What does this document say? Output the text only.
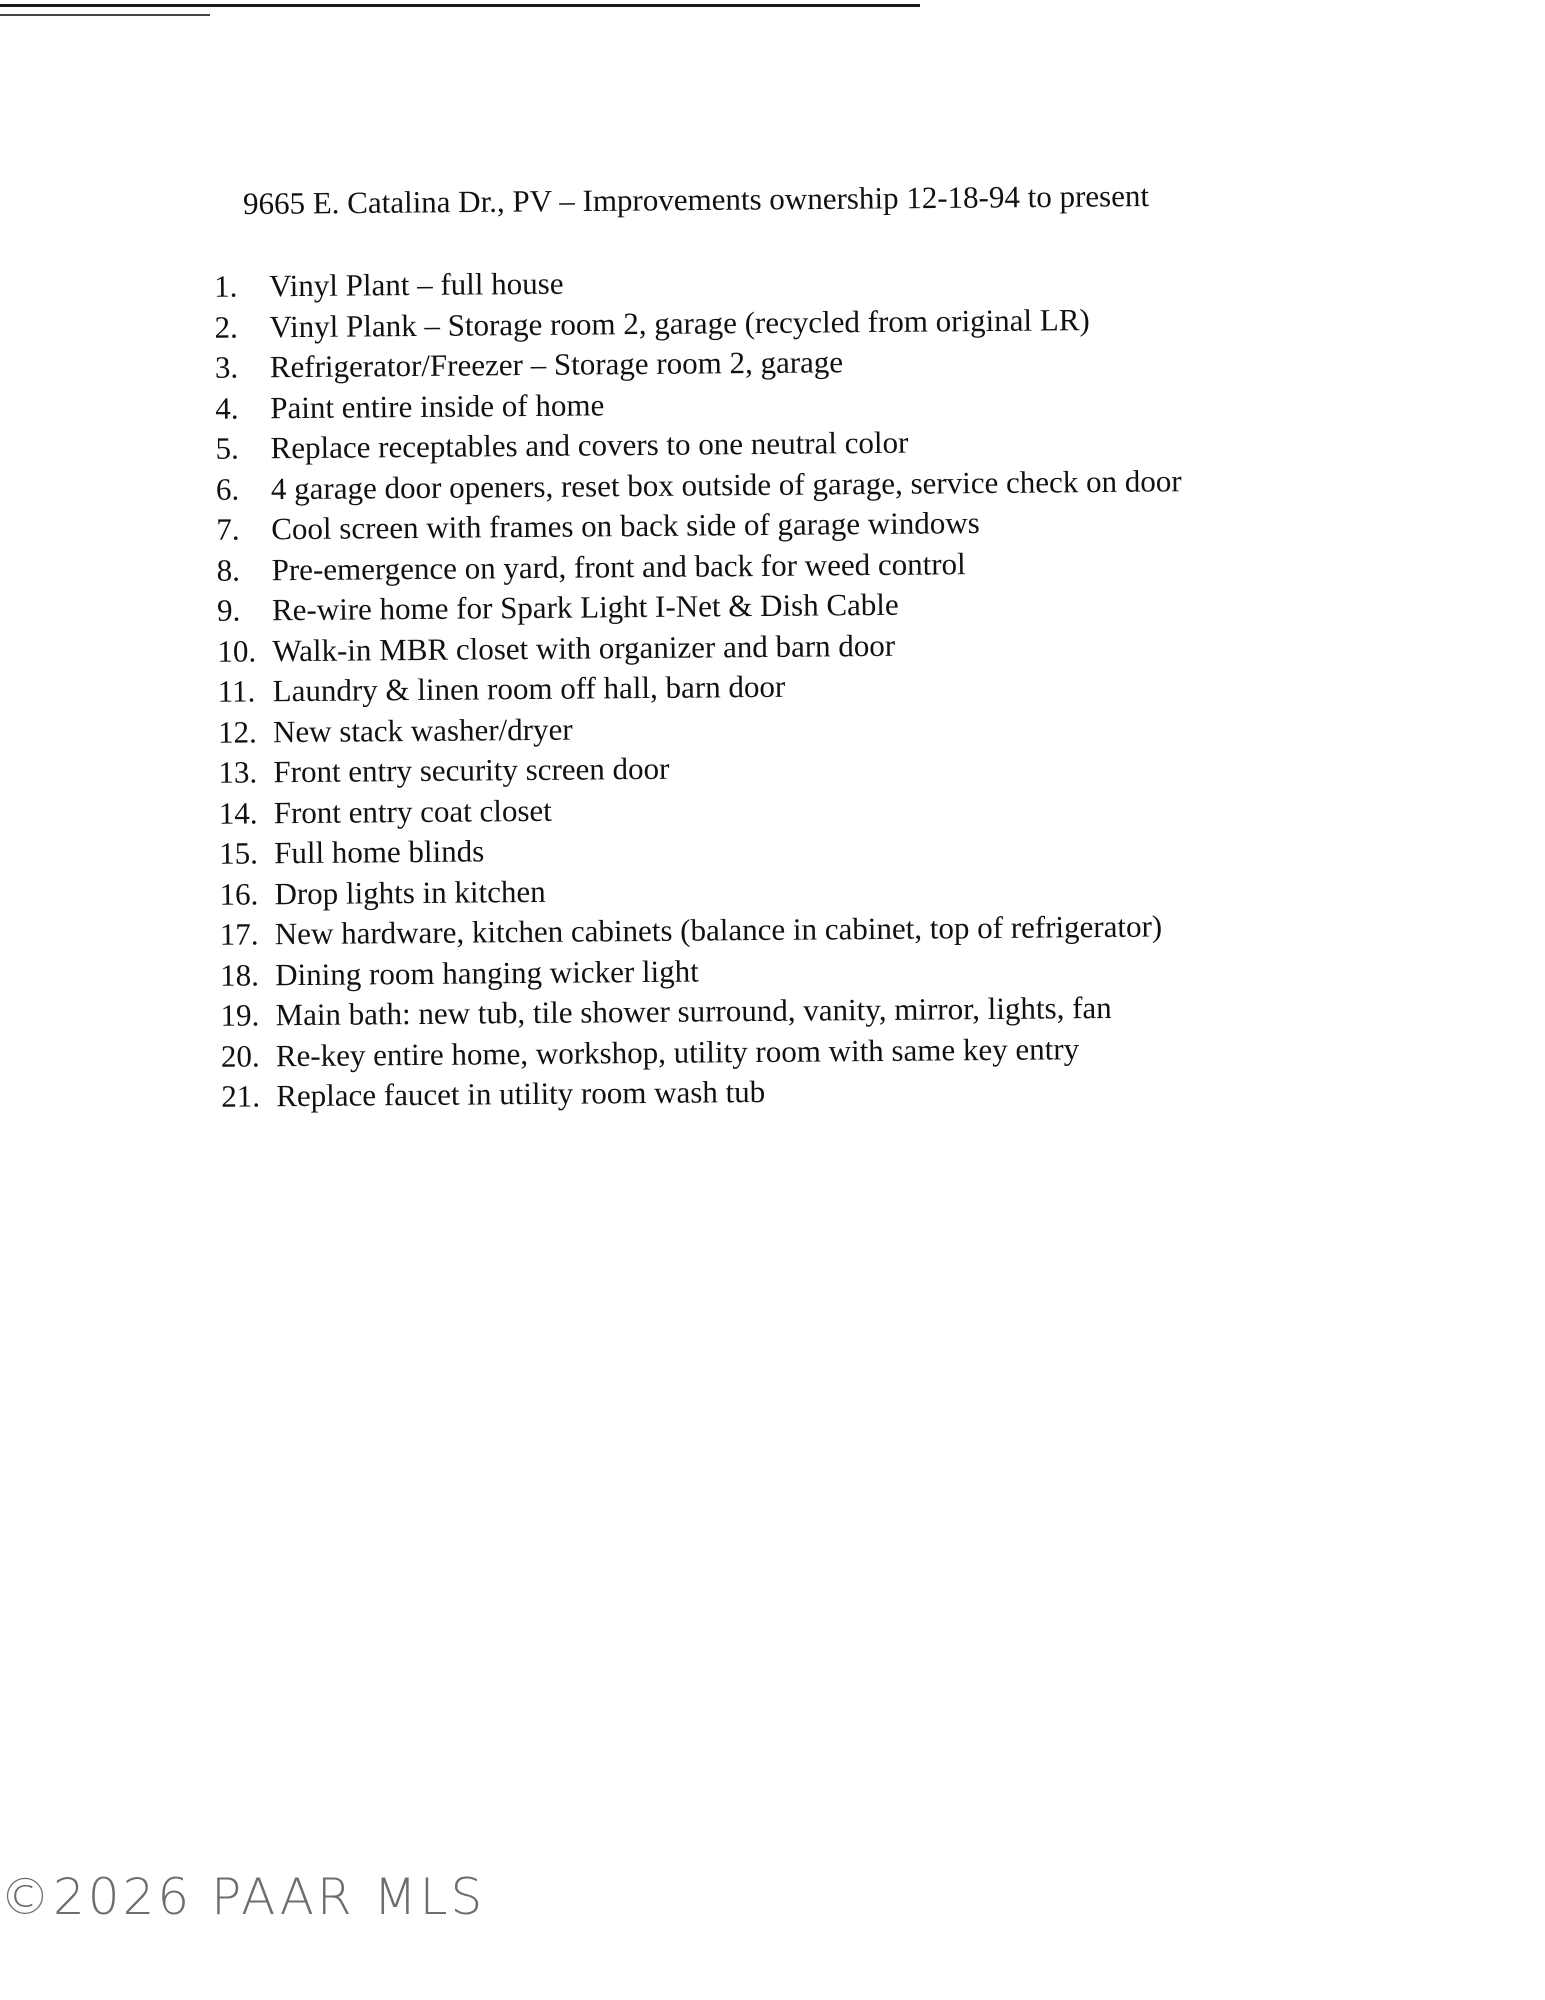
9665 E. Catalina Dr., PV – Improvements ownership 12-18-94 to present
1.	Vinyl Plant – full house
2.	Vinyl Plank – Storage room 2, garage (recycled from original LR)
3.	Refrigerator/Freezer – Storage room 2, garage
4.	Paint entire inside of home
5.	Replace receptables and covers to one neutral color
6.	4 garage door openers, reset box outside of garage, service check on door
7.	Cool screen with frames on back side of garage windows
8.	Pre-emergence on yard, front and back for weed control
9.	Re-wire home for Spark Light I-Net & Dish Cable
10. Walk-in MBR closet with organizer and barn door
11. Laundry & linen room off hall, barn door
12. New stack washer/dryer
13. Front entry security screen door
14. Front entry coat closet
15. Full home blinds
16. Drop lights in kitchen
17. New hardware, kitchen cabinets (balance in cabinet, top of refrigerator)
18. Dining room hanging wicker light
19. Main bath: new tub, tile shower surround, vanity, mirror, lights, fan
20. Re-key entire home, workshop, utility room with same key entry
21. Replace faucet in utility room wash tub
©2026 PAAR MLS
